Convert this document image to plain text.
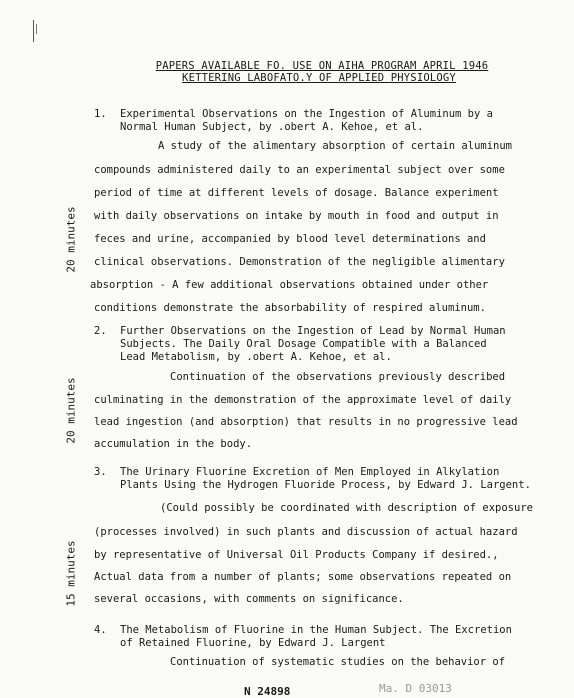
PAPERS AVAILABLE FO. USE ON AIHA PROGRAM APRIL 1946
KETTERING LABOFATO.Y OF APPLIED PHYSIOLOGY
1. Experimental Observations on the Ingestion of Aluminum by a
Normal Human Subject, by .obert A. Kehoe, et al.
A study of the alimentary absorption of certain aluminum
compounds administered daily to an experimental subject over some
period of time at different levels of dosage. Balance experiment
with daily observations on intake by mouth in food and output in
feces and urine, accompanied by blood level determinations and
clinical observations. Demonstration of the negligible alimentary
absorption - A few additional observations obtained under other
conditions demonstrate the absorbability of respired aluminum.
20 minutes
2. Further Observations on the Ingestion of Lead by Normal Human
Subjects. The Daily Oral Dosage Compatible with a Balanced
Lead Metabolism, by .obert A. Kehoe, et al.
Continuation of the observations previously described
culminating in the demonstration of the approximate level of daily
lead ingestion (and absorption) that results in no progressive lead
accumulation in the body.
20 minutes
3. The Urinary Fluorine Excretion of Men Employed in Alkylation
Plants Using the Hydrogen Fluoride Process, by Edward J. Largent.
(Could possibly be coordinated with description of exposure
(processes involved) in such plants and discussion of actual hazard
by representative of Universal Oil Products Company if desired.,
Actual data from a number of plants; some observations repeated on
several occasions, with comments on significance.
15 minutes
4. The Metabolism of Fluorine in the Human Subject. The Excretion
of Retained Fluorine, by Edward J. Largent
Continuation of systematic studies on the behavior of
N 24898	Ma. D 03013
